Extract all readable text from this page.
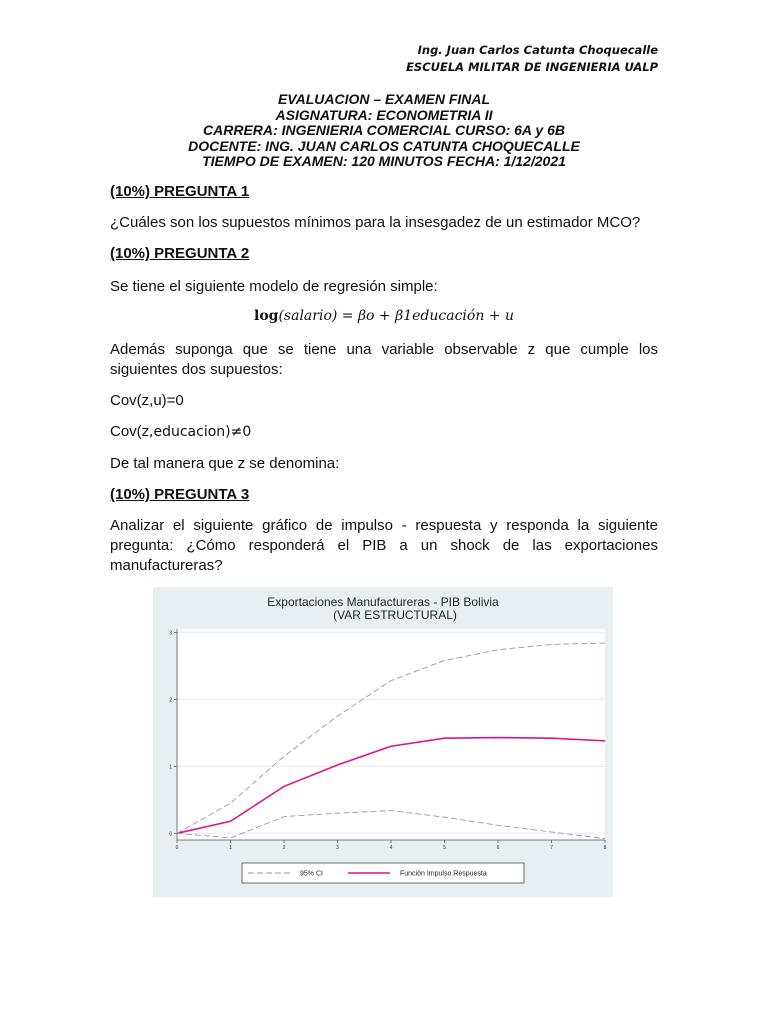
Ing. Juan Carlos Catunta Choquecalle
ESCUELA MILITAR DE INGENIERIA UALP
EVALUACION – EXAMEN FINAL
ASIGNATURA: ECONOMETRIA II
CARRERA: INGENIERIA COMERCIAL CURSO: 6A y 6B
DOCENTE: ING. JUAN CARLOS CATUNTA CHOQUECALLE
TIEMPO DE EXAMEN: 120 MINUTOS FECHA: 1/12/2021
(10%) PREGUNTA 1
¿Cuáles son los supuestos mínimos para la insesgadez de un estimador MCO?
(10%) PREGUNTA 2
Se tiene el siguiente modelo de regresión simple:
log(salario) = βo + β1educación + u
Además suponga que se tiene una variable observable z que cumple los siguientes dos supuestos:
Cov(z,u)=0
Cov(z,educacion)≠0
De tal manera que z se denomina:
(10%) PREGUNTA 3
Analizar el siguiente gráfico de impulso - respuesta y responda la siguiente pregunta: ¿Cómo responderá el PIB a un shock de las exportaciones manufactureras?
Exportaciones Manufactureras - PIB Bolivia
(VAR ESTRUCTURAL)
0
1
2
3
0	1	2	3	4	5	6	7	8
95% CI	Función Impulso Respuesta
